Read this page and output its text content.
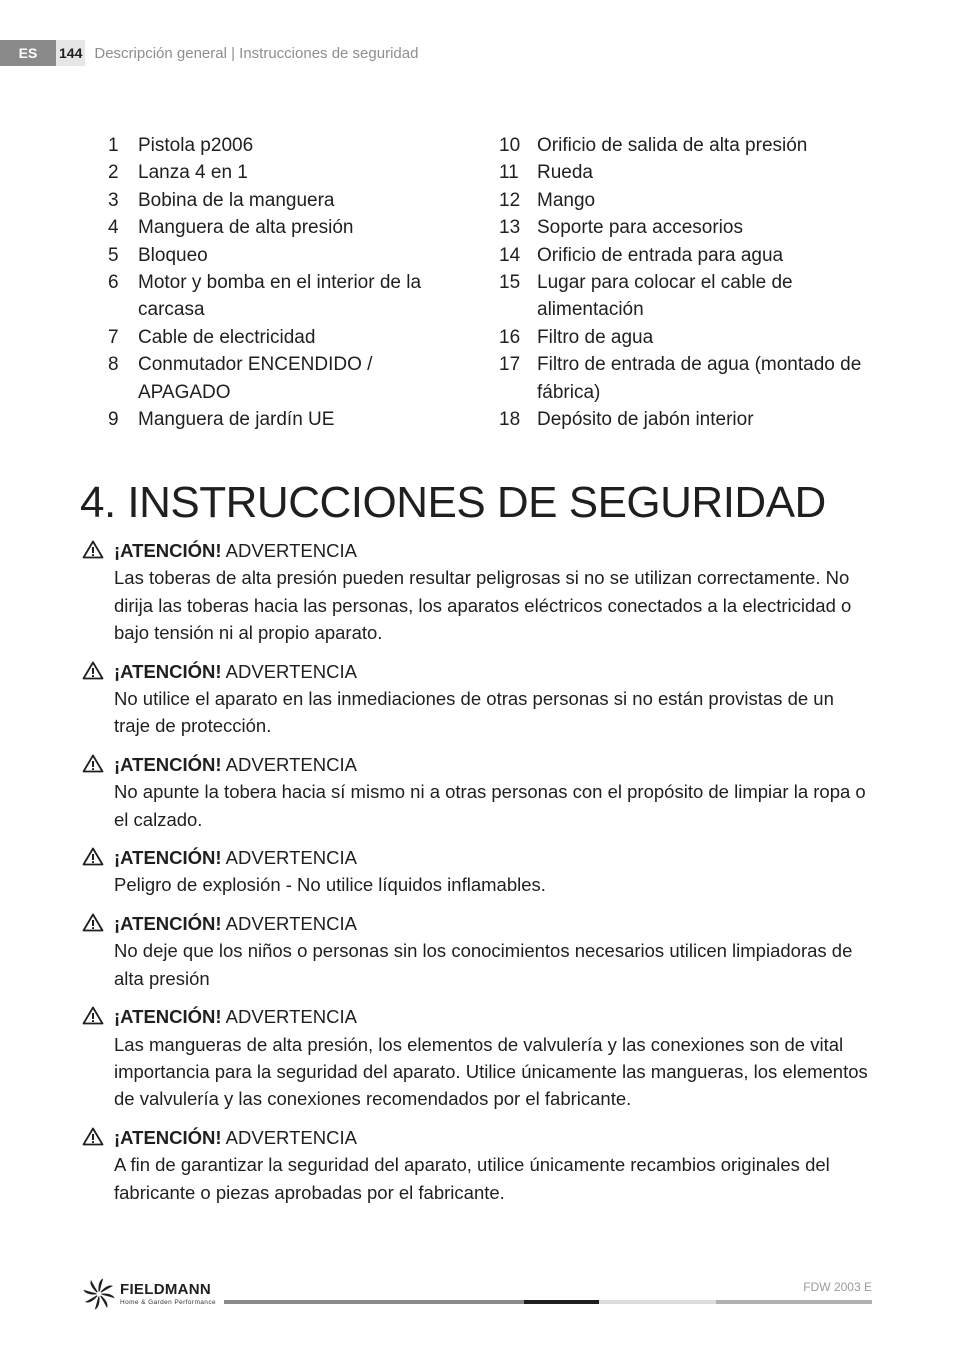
ES	144 Descripción general | Instrucciones de seguridad
1	Pistola p2006
2	Lanza 4 en 1
3	Bobina de la manguera
4	Manguera de alta presión
5	Bloqueo
6	Motor y bomba en el interior de la carcasa
7	Cable de electricidad
8	Conmutador ENCENDIDO / APAGADO
9	Manguera de jardín UE
10 Orificio de salida de alta presión
11 Rueda
12 Mango
13 Soporte para accesorios
14 Orificio de entrada para agua
15 Lugar para colocar el cable de alimentación
16 Filtro de agua
17 Filtro de entrada de agua (montado de fábrica)
18 Depósito de jabón interior
4. INSTRUCCIONES DE SEGURIDAD
¡ATENCIÓN! ADVERTENCIA
Las toberas de alta presión pueden resultar peligrosas si no se utilizan correctamente. No dirija las toberas hacia las personas, los aparatos eléctricos conectados a la electricidad o bajo tensión ni al propio aparato.
¡ATENCIÓN! ADVERTENCIA
No utilice el aparato en las inmediaciones de otras personas si no están provistas de un traje de protección.
¡ATENCIÓN! ADVERTENCIA
No apunte la tobera hacia sí mismo ni a otras personas con el propósito de limpiar la ropa o el calzado.
¡ATENCIÓN! ADVERTENCIA
Peligro de explosión - No utilice líquidos inflamables.
¡ATENCIÓN! ADVERTENCIA
No deje que los niños o personas sin los conocimientos necesarios utilicen limpiadoras de alta presión
¡ATENCIÓN! ADVERTENCIA
Las mangueras de alta presión, los elementos de valvulería y las conexiones son de vital importancia para la seguridad del aparato. Utilice únicamente las mangueras, los elementos de valvulería y las conexiones recomendados por el fabricante.
¡ATENCIÓN! ADVERTENCIA
A fin de garantizar la seguridad del aparato, utilice únicamente recambios originales del fabricante o piezas aprobadas por el fabricante.
FIELDMANN
Home & Garden Performance
FDW 2003 E
